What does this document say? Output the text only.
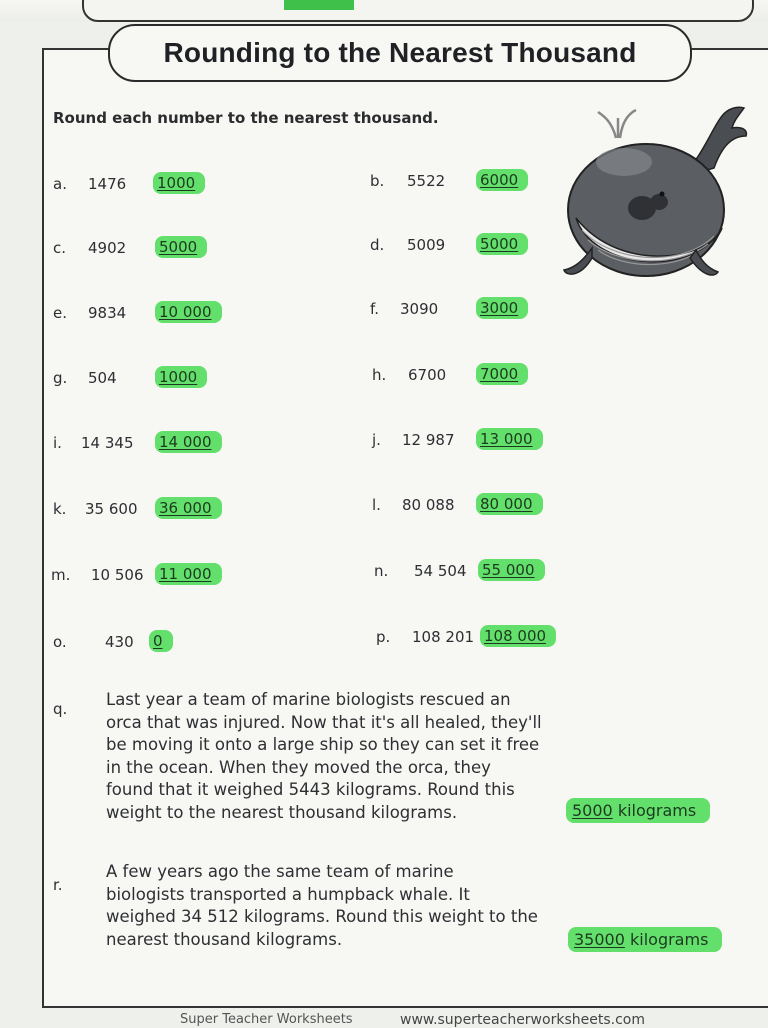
Rounding to the Nearest Thousand
Round each number to the nearest thousand.
a. 1476 1000	b. 5522 6000
c. 4902 5000	d. 5009 5000
e. 9834 10 000	f. 3090	3000
g. 504	1000	h. 6700 7000
i. 14 345 14 000	j. 12 987 13 000
k. 35 600 36 000	l. 80 088 80 000
m. 10 506 11 000	n. 54 504 55 000
o.	430 0	p. 108 201 108 000
q. Last year a team of marine biologists rescued an
orca that was injured. Now that it's all healed, they'll
be moving it onto a large ship so they can set it free
in the ocean. When they moved the orca, they
found that it weighed 5443 kilograms. Round this
weight to the nearest thousand kilograms.	5000 kilograms
r.
A few years ago the same team of marine
biologists transported a humpback whale. It
weighed 34 512 kilograms. Round this weight to the
nearest thousand kilograms.	35000 kilograms
Super Teacher Worksheets	www.superteacherworksheets.com
